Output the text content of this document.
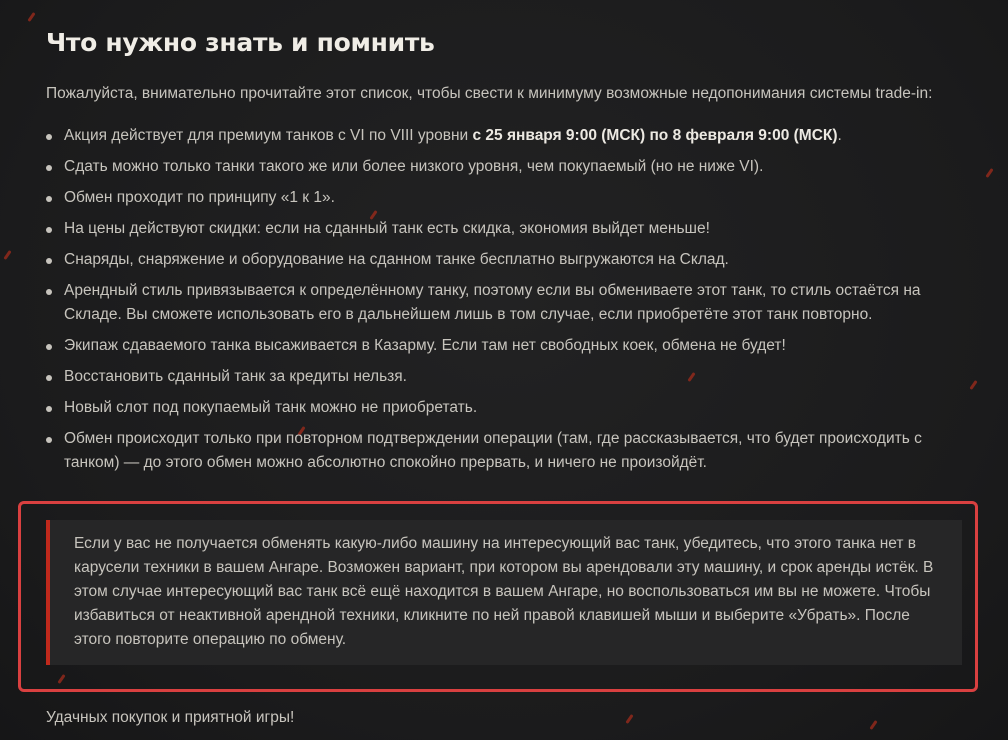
Что нужно знать и помнить

Пожалуйста, внимательно прочитайте этот список, чтобы свести к минимуму возможные недопонимания системы trade-in:

Акция действует для премиум танков с VI по VIII уровни с 25 января 9:00 (МСК) по 8 февраля 9:00 (МСК).
Сдать можно только танки такого же или более низкого уровня, чем покупаемый (но не ниже VI).
Обмен проходит по принципу «1 к 1».
На цены действуют скидки: если на сданный танк есть скидка, экономия выйдет меньше!
Снаряды, снаряжение и оборудование на сданном танке бесплатно выгружаются на Склад.
Арендный стиль привязывается к определённому танку, поэтому если вы обмениваете этот танк, то стиль остаётся на Складе. Вы сможете использовать его в дальнейшем лишь в том случае, если приобретёте этот танк повторно.
Экипаж сдаваемого танка высаживается в Казарму. Если там нет свободных коек, обмена не будет!
Восстановить сданный танк за кредиты нельзя.
Новый слот под покупаемый танк можно не приобретать.
Обмен происходит только при повторном подтверждении операции (там, где рассказывается, что будет происходить с танком) — до этого обмен можно абсолютно спокойно прервать, и ничего не произойдёт.
Если у вас не получается обменять какую-либо машину на интересующий вас танк, убедитесь, что этого танка нет в карусели техники в вашем Ангаре. Возможен вариант, при котором вы арендовали эту машину, и срок аренды истёк. В этом случае интересующий вас танк всё ещё находится в вашем Ангаре, но воспользоваться им вы не можете. Чтобы избавиться от неактивной арендной техники, кликните по ней правой клавишей мыши и выберите «Убрать». После этого повторите операцию по обмену.

Удачных покупок и приятной игры!
